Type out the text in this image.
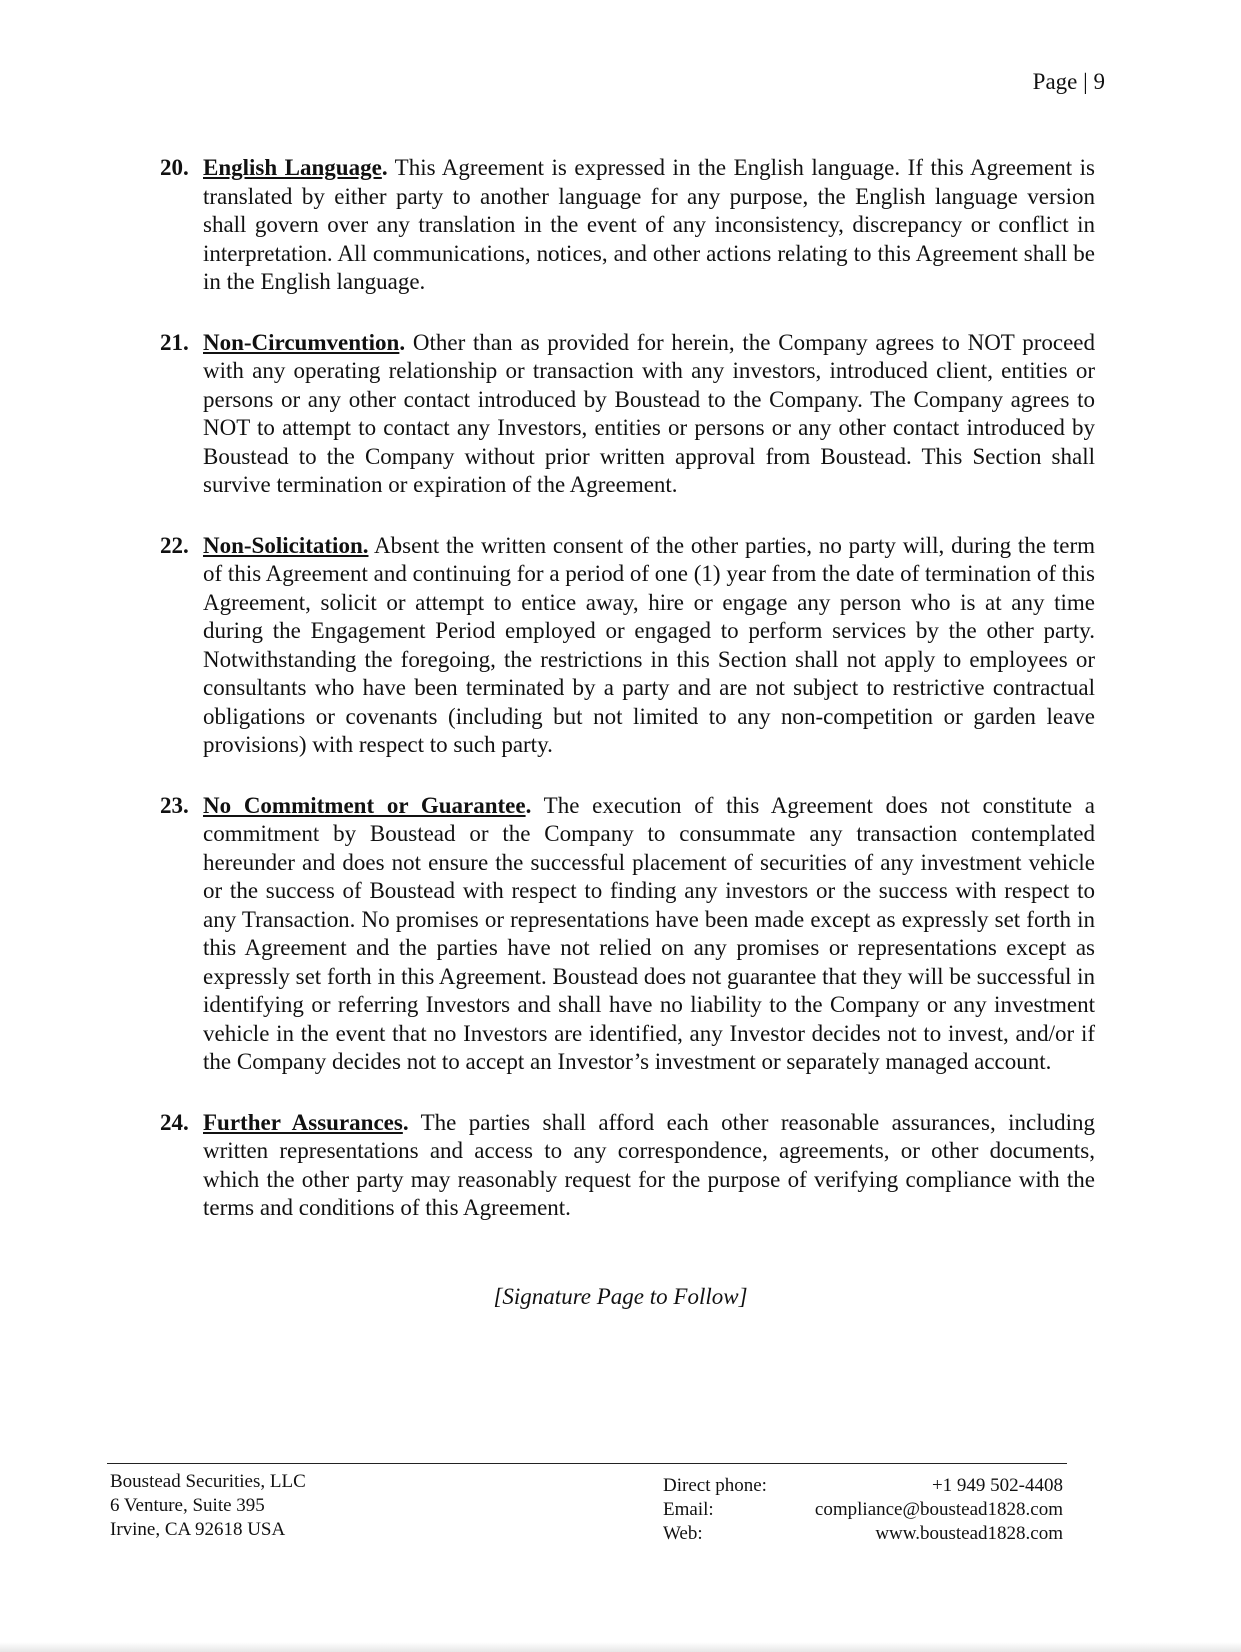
Page | 9
20. English Language. This Agreement is expressed in the English language. If this Agreement is translated by either party to another language for any purpose, the English language version shall govern over any translation in the event of any inconsistency, discrepancy or conflict in interpretation. All communications, notices, and other actions relating to this Agreement shall be in the English language.
21. Non-Circumvention. Other than as provided for herein, the Company agrees to NOT proceed with any operating relationship or transaction with any investors, introduced client, entities or persons or any other contact introduced by Boustead to the Company. The Company agrees to NOT to attempt to contact any Investors, entities or persons or any other contact introduced by Boustead to the Company without prior written approval from Boustead. This Section shall survive termination or expiration of the Agreement.
22. Non-Solicitation. Absent the written consent of the other parties, no party will, during the term of this Agreement and continuing for a period of one (1) year from the date of termination of this Agreement, solicit or attempt to entice away, hire or engage any person who is at any time during the Engagement Period employed or engaged to perform services by the other party. Notwithstanding the foregoing, the restrictions in this Section shall not apply to employees or consultants who have been terminated by a party and are not subject to restrictive contractual obligations or covenants (including but not limited to any non-competition or garden leave provisions) with respect to such party.
23. No Commitment or Guarantee. The execution of this Agreement does not constitute a commitment by Boustead or the Company to consummate any transaction contemplated hereunder and does not ensure the successful placement of securities of any investment vehicle or the success of Boustead with respect to finding any investors or the success with respect to any Transaction. No promises or representations have been made except as expressly set forth in this Agreement and the parties have not relied on any promises or representations except as expressly set forth in this Agreement. Boustead does not guarantee that they will be successful in identifying or referring Investors and shall have no liability to the Company or any investment vehicle in the event that no Investors are identified, any Investor decides not to invest, and/or if the Company decides not to accept an Investor’s investment or separately managed account.
24. Further Assurances. The parties shall afford each other reasonable assurances, including written representations and access to any correspondence, agreements, or other documents, which the other party may reasonably request for the purpose of verifying compliance with the terms and conditions of this Agreement.
[Signature Page to Follow]
Boustead Securities, LLC
6 Venture, Suite 395
Irvine, CA 92618 USA
Direct phone:	+1 949 502-4408
Email:	compliance@boustead1828.com
Web:	www.boustead1828.com
